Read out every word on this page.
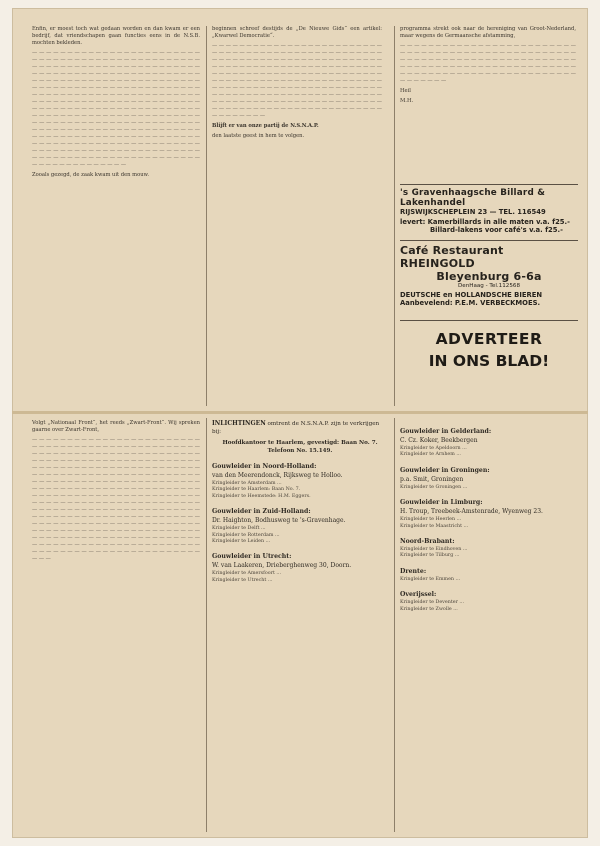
Enfin, er moest toch wat gedaan worden en dan kwam er een bedrijf, dat vriendschapen gaan functies eens in de N.S.B. mochten bekleden.

— — — — — — — — — — — — — — — — — — — — — — — — — — — — — — — — — — — — — — — — — — — — — — — — — — — — — — — — — — — — — — — — — — — — — — — — — — — — — — — — — — — — — — — — — — — — — — — — — — — — — — — — — — — — — — — — — — — — — — — — — — — — — — — — — — — — — — — — — — — — — — — — — — — — — — — — — — — — — — — — — — — — — — — — — — — — — — — — — — — — — — — — — — — — — — — — — — — — — — — — — — — — — — — — — — — — — — — — — — — — — — — — — — — — — — — — — — — — — — — — — — — — — — — — — — — — — — — — — — — — — — — — — — — — — — — — — — — — — — — — — — — — — — — — — — — — — — — — — — — — — — — — — — — — — — — — — — — — — — — — — — — — — — — — — — — — — — — — — — — — — — — — — — — — — — — — — — — — — — — — — — — — — — — — — — — — — — — — — — — — — — — — — — — — — — — — — — — — — —

Zooals gezegd, de zaak kwam uit den mouw.

beginnen schreef destijds de „De Nieuwe Gids“ een artikel: „Kwarwel Democratie“.

— — — — — — — — — — — — — — — — — — — — — — — — — — — — — — — — — — — — — — — — — — — — — — — — — — — — — — — — — — — — — — — — — — — — — — — — — — — — — — — — — — — — — — — — — — — — — — — — — — — — — — — — — — — — — — — — — — — — — — — — — — — — — — — — — — — — — — — — — — — — — — — — — — — — — — — — — — — — — — — — — — — — — — — — — — — — — — — — — — — — — — — — — — — — — — — — — — — — — — — — — — — — — — — — — — — — — — — — — — — — — — — — — — — — — — — — — — — — — — — — — — — — — — — — — — — — — — — — — —

Blijft er van onze partij de N.S.N.A.P.

den laatste geest in hem te volgen.

programma strekt ook naar de hereniging van Groot-Nederland, maar wegens de Germaansche afstamming,

— — — — — — — — — — — — — — — — — — — — — — — — — — — — — — — — — — — — — — — — — — — — — — — — — — — — — — — — — — — — — — — — — — — — — — — — — — — — — — — — — — — — — — — — — — — — — — — — — — — — — — — — — — — — — — — — — — — — — — — — — — — — — — — — — — — —

Heil

M.H.

's Gravenhaagsche Billard & Lakenhandel
RIJSWIJKSCHEPLEIN 23 — TEL. 116549
levert: Kamerbillards in alle maten v.a. f25.-
Billard-lakens voor café's v.a. f25.-
Café Restaurant RHEINGOLD
Bleyenburg 6-6a
DenHaag - Tel.112568
DEUTSCHE en HOLLANDSCHE BIEREN
Aanbevelend: P.E.M. VERBECKMOES.
ADVERTEER
IN ONS BLAD!

Volgt „Nationaal Front“, het reeds „Zwart-Front“. Wij spreken gaarne over Zwart-Front,

— — — — — — — — — — — — — — — — — — — — — — — — — — — — — — — — — — — — — — — — — — — — — — — — — — — — — — — — — — — — — — — — — — — — — — — — — — — — — — — — — — — — — — — — — — — — — — — — — — — — — — — — — — — — — — — — — — — — — — — — — — — — — — — — — — — — — — — — — — — — — — — — — — — — — — — — — — — — — — — — — — — — — — — — — — — — — — — — — — — — — — — — — — — — — — — — — — — — — — — — — — — — — — — — — — — — — — — — — — — — — — — — — — — — — — — — — — — — — — — — — — — — — — — — — — — — — — — — — — — — — — — — — — — — — — — — — — — — — — — — — — — — — — — — — — — — — — — — — — — — — — — — — — — — — — — — — — — — — — — — — — — — — — — — — — — — — — — — — — — — — — — — — — — — — — — — — — — — — — — — — — — — — — — — — — — — — — — — — — — — — — — — — — — — — — — — — — — — — — — — — — — — — — — — — — —

INLICHTINGEN omtrent de N.S.N.A.P. zijn te verkrijgen bij:
Hoofdkantoor te Haarlem, gevestigd: Baan No. 7. Telefoon No. 15.149.
Gouwleider in Noord-Holland:
van den Meerendonck, Rijksweg te Holloo.
Kringleider te Amsterdam ...
Kringleider te Haarlem: Baan No. 7.
Kringleider te Heemstede: H.M. Eggers.
Gouwleider in Zuid-Holland:
Dr. Haighton, Bodhusweg te 's-Gravenhage.
Kringleider te Delft ...
Kringleider te Rotterdam ...
Kringleider te Leiden ...
Gouwleider in Utrecht:
W. van Laakeren, Drieberghenweg 30, Doorn.
Kringleider te Amersfoort ...
Kringleider te Utrecht ...
Gouwleider in Gelderland:
C. Cz. Koker, Beekbergen
Kringleider te Apeldoorn ...
Kringleider te Arnhem ...
Gouwleider in Groningen:
p.a. Smit, Groningen
Kringleider te Groningen ...
Gouwleider in Limburg:
H. Troup, Treebeek-Amstenrade, Wyenweg 23.
Kringleider te Heerlen ...
Kringleider te Maastricht ...
Noord-Brabant:
Kringleider te Eindhoven ...
Kringleider te Tilburg ...
Drente:
Kringleider te Emmen ...
Overijssel:
Kringleider te Deventer ...
Kringleider te Zwolle ...
